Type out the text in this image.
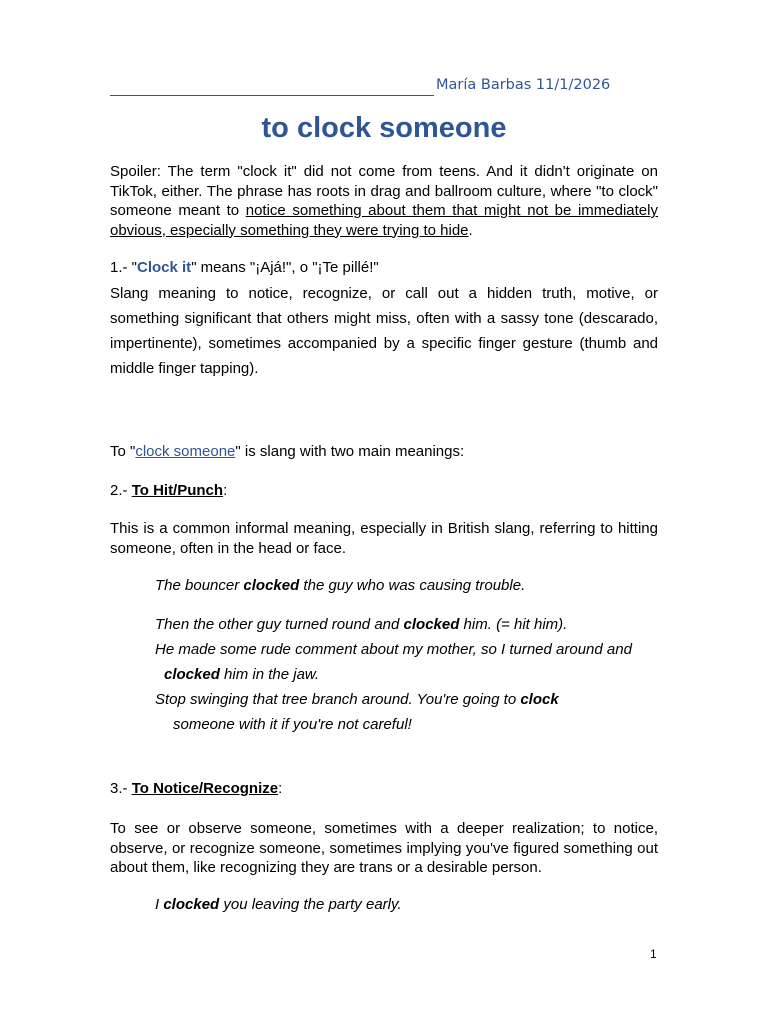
María Barbas 11/1/2026
to clock someone
Spoiler: The term "clock it" did not come from teens. And it didn't originate on TikTok, either. The phrase has roots in drag and ballroom culture, where "to clock" someone meant to notice something about them that might not be immediately obvious, especially something they were trying to hide.
1.- "Clock it" means "¡Ajá!", o "¡Te pillé!"
Slang meaning to notice, recognize, or call out a hidden truth, motive, or something significant that others might miss, often with a sassy tone (descarado, impertinente), sometimes accompanied by a specific finger gesture (thumb and middle finger tapping).
To "clock someone" is slang with two main meanings:
2.- To Hit/Punch:
This is a common informal meaning, especially in British slang, referring to hitting someone, often in the head or face.
The bouncer clocked the guy who was causing trouble.
Then the other guy turned round and clocked him. (= hit him).
He made some rude comment about my mother, so I turned around and
clocked him in the jaw.
Stop swinging that tree branch around. You're going to clock
someone with it if you're not careful!
3.- To Notice/Recognize:
To see or observe someone, sometimes with a deeper realization; to notice, observe, or recognize someone, sometimes implying you've figured something out about them, like recognizing they are trans or a desirable person.
I clocked you leaving the party early.
1
